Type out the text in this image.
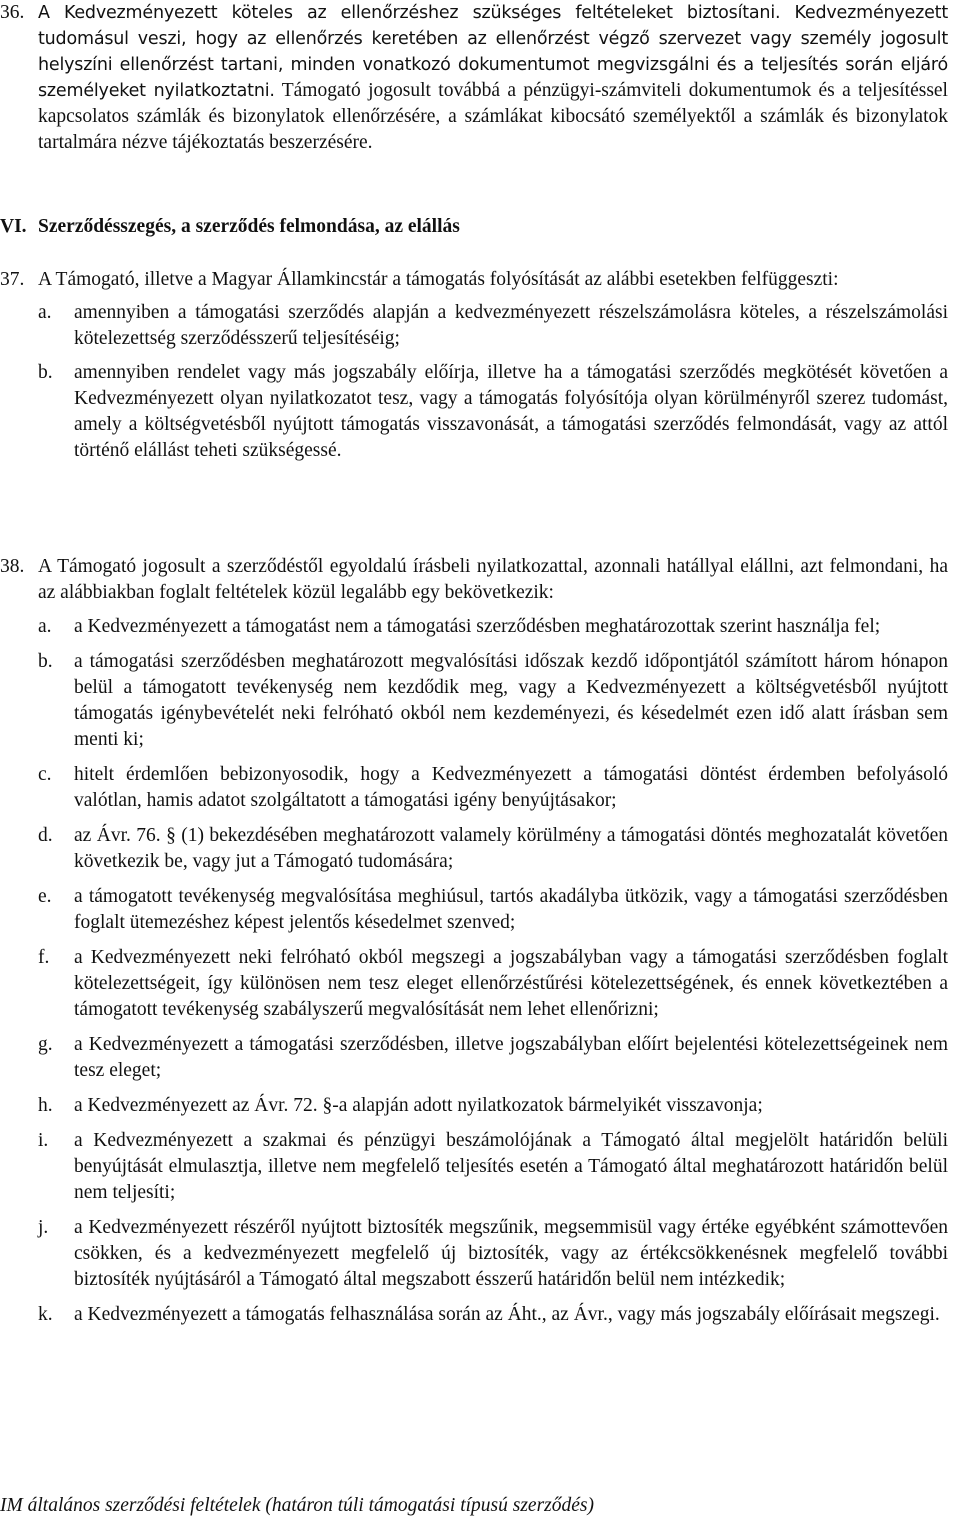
36. A Kedvezményezett köteles az ellenőrzéshez szükséges feltételeket biztosítani. Kedvezményezett tudomásul veszi, hogy az ellenőrzés keretében az ellenőrzést végző szervezet vagy személy jogosult helyszíni ellenőrzést tartani, minden vonatkozó dokumentumot megvizsgálni és a teljesítés során eljáró személyeket nyilatkoztatni. Támogató jogosult továbbá a pénzügyi-számviteli dokumentumok és a teljesítéssel kapcsolatos számlák és bizonylatok ellenőrzésére, a számlákat kibocsátó személyektől a számlák és bizonylatok tartalmára nézve tájékoztatás beszerzésére.

VI. Szerződésszegés, a szerződés felmondása, az elállás
37. A Támogató, illetve a Magyar Államkincstár a támogatás folyósítását az alábbi esetekben felfüggeszti:

a. amennyiben a támogatási szerződés alapján a kedvezményezett részelszámolásra köteles, a részelszámolási kötelezettség szerződésszerű teljesítéséig;
b. amennyiben rendelet vagy más jogszabály előírja, illetve ha a támogatási szerződés megkötését követően a Kedvezményezett olyan nyilatkozatot tesz, vagy a támogatás folyósítója olyan körülményről szerez tudomást, amely a költségvetésből nyújtott támogatás visszavonását, a támogatási szerződés felmondását, vagy az attól történő elállást teheti szükségessé.
38. A Támogató jogosult a szerződéstől egyoldalú írásbeli nyilatkozattal, azonnali hatállyal elállni, azt felmondani, ha az alábbiakban foglalt feltételek közül legalább egy bekövetkezik:

a. a Kedvezményezett a támogatást nem a támogatási szerződésben meghatározottak szerint használja fel;
b. a támogatási szerződésben meghatározott megvalósítási időszak kezdő időpontjától számított három hónapon belül a támogatott tevékenység nem kezdődik meg, vagy a Kedvezményezett a költségvetésből nyújtott támogatás igénybevételét neki felróható okból nem kezdeményezi, és késedelmét ezen idő alatt írásban sem menti ki;
c. hitelt érdemlően bebizonyosodik, hogy a Kedvezményezett a támogatási döntést érdemben befolyásoló valótlan, hamis adatot szolgáltatott a támogatási igény benyújtásakor;
d. az Ávr. 76. § (1) bekezdésében meghatározott valamely körülmény a támogatási döntés meghozatalát követően következik be, vagy jut a Támogató tudomására;
e. a támogatott tevékenység megvalósítása meghiúsul, tartós akadályba ütközik, vagy a támogatási szerződésben foglalt ütemezéshez képest jelentős késedelmet szenved;
f. a Kedvezményezett neki felróható okból megszegi a jogszabályban vagy a támogatási szerződésben foglalt kötelezettségeit, így különösen nem tesz eleget ellenőrzéstűrési kötelezettségének, és ennek következtében a támogatott tevékenység szabályszerű megvalósítását nem lehet ellenőrizni;
g. a Kedvezményezett a támogatási szerződésben, illetve jogszabályban előírt bejelentési kötelezettségeinek nem tesz eleget;
h. a Kedvezményezett az Ávr. 72. §-a alapján adott nyilatkozatok bármelyikét visszavonja;
i. a Kedvezményezett a szakmai és pénzügyi beszámolójának a Támogató által megjelölt határidőn belüli benyújtását elmulasztja, illetve nem megfelelő teljesítés esetén a Támogató által meghatározott határidőn belül nem teljesíti;
j. a Kedvezményezett részéről nyújtott biztosíték megszűnik, megsemmisül vagy értéke egyébként számottevően csökken, és a kedvezményezett megfelelő új biztosíték, vagy az értékcsökkenésnek megfelelő további biztosíték nyújtásáról a Támogató által megszabott ésszerű határidőn belül nem intézkedik;
k. a Kedvezményezett a támogatás felhasználása során az Áht., az Ávr., vagy más jogszabály előírásait megszegi.
IM általános szerződési feltételek (határon túli támogatási típusú szerződés)
